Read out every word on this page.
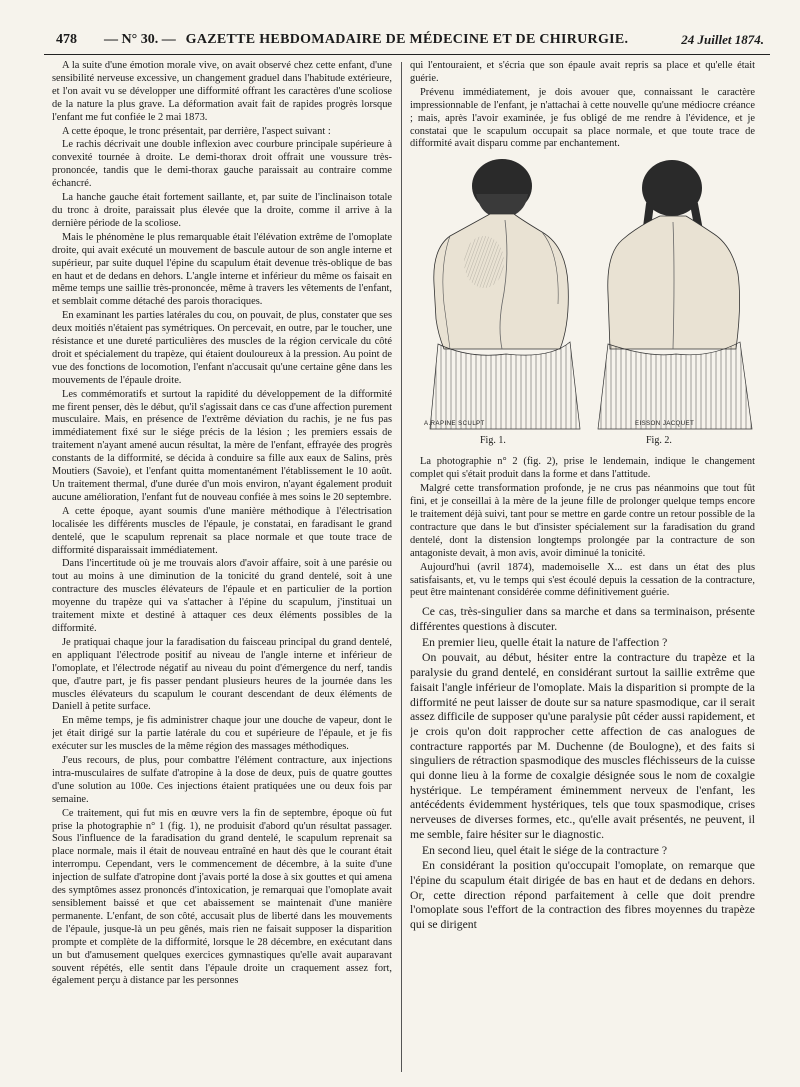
478 — N° 30. — GAZETTE HEBDOMADAIRE DE MÉDECINE ET DE CHIRURGIE.	24 Juillet 1874.

A la suite d'une émotion morale vive, on avait observé chez cette enfant, d'une sensibilité nerveuse excessive, un changement graduel dans l'habitude extérieure, et l'on avait vu se développer une difformité offrant les caractères d'une scoliose de la nature la plus grave. La déformation avait fait de rapides progrès lorsque l'enfant me fut confiée le 2 mai 1873.

A cette époque, le tronc présentait, par derrière, l'aspect suivant :

Le rachis décrivait une double inflexion avec courbure principale supérieure à convexité tournée à droite. Le demi-thorax droit offrait une voussure très-prononcée, tandis que le demi-thorax gauche paraissait au contraire comme échancré.

La hanche gauche était fortement saillante, et, par suite de l'inclinaison totale du tronc à droite, paraissait plus élevée que la droite, comme il arrive à la dernière période de la scoliose.

Mais le phénomène le plus remarquable était l'élévation extrême de l'omoplate droite, qui avait exécuté un mouvement de bascule autour de son angle interne et supérieur, par suite duquel l'épine du scapulum était devenue très-oblique de bas en haut et de dedans en dehors. L'angle interne et inférieur du même os faisait en même temps une saillie très-prononcée, même à travers les vêtements de l'enfant, et semblait comme détaché des parois thoraciques.

En examinant les parties latérales du cou, on pouvait, de plus, constater que ses deux moitiés n'étaient pas symétriques. On percevait, en outre, par le toucher, une résistance et une dureté particulières des muscles de la région cervicale du côté droit et spécialement du trapèze, qui étaient douloureux à la pression. Au point de vue des fonctions de locomotion, l'enfant n'accusait qu'une certaine gêne dans les mouvements de l'épaule droite.

Les commémoratifs et surtout la rapidité du développement de la difformité me firent penser, dès le début, qu'il s'agissait dans ce cas d'une affection purement musculaire. Mais, en présence de l'extrême déviation du rachis, je ne fus pas immédiatement fixé sur le siége précis de la lésion ; les premiers essais de traitement n'ayant amené aucun résultat, la mère de l'enfant, effrayée des progrès constants de la difformité, se décida à conduire sa fille aux eaux de Salins, près Moutiers (Savoie), et l'enfant quitta momentanément l'établissement le 10 août. Un traitement thermal, d'une durée d'un mois environ, n'ayant également produit aucune amélioration, l'enfant fut de nouveau confiée à mes soins le 20 septembre.

A cette époque, ayant soumis d'une manière méthodique à l'électrisation localisée les différents muscles de l'épaule, je constatai, en faradisant le grand dentelé, que le scapulum reprenait sa place normale et que toute trace de difformité disparaissait immédiatement.

Dans l'incertitude où je me trouvais alors d'avoir affaire, soit à une parésie ou tout au moins à une diminution de la tonicité du grand dentelé, soit à une contracture des muscles élévateurs de l'épaule et en particulier de la portion moyenne du trapèze qui va s'attacher à l'épine du scapulum, j'instituai un traitement mixte et destiné à attaquer ces deux éléments possibles de la difformité.

Je pratiquai chaque jour la faradisation du faisceau principal du grand dentelé, en appliquant l'électrode positif au niveau de l'angle interne et inférieur de l'omoplate, et l'électrode négatif au niveau du point d'émergence du nerf, tandis que, d'autre part, je fis passer pendant plusieurs heures de la journée dans les muscles élévateurs du scapulum le courant descendant de deux éléments de Daniell à petite surface.

En même temps, je fis administrer chaque jour une douche de vapeur, dont le jet était dirigé sur la partie latérale du cou et supérieure de l'épaule, et je fis exécuter sur les muscles de la même région des massages méthodiques.

J'eus recours, de plus, pour combattre l'élément contracture, aux injections intra-musculaires de sulfate d'atropine à la dose de deux, puis de quatre gouttes d'une solution au 100e. Ces injections étaient pratiquées une ou deux fois par semaine.

Ce traitement, qui fut mis en œuvre vers la fin de septembre, époque où fut prise la photographie n° 1 (fig. 1), ne produisit d'abord qu'un résultat passager. Sous l'influence de la faradisation du grand dentelé, le scapulum reprenait sa place normale, mais il était de nouveau entraîné en haut dès que le courant était interrompu. Cependant, vers le commencement de décembre, à la suite d'une injection de sulfate d'atropine dont j'avais porté la dose à six gouttes et qui amena des symptômes assez prononcés d'intoxication, je remarquai que l'omoplate avait sensiblement baissé et que cet abaissement se maintenait d'une manière permanente. L'enfant, de son côté, accusait plus de liberté dans les mouvements de l'épaule, jusque-là un peu gênés, mais rien ne faisait supposer la disparition prompte et complète de la difformité, lorsque le 28 décembre, en exécutant dans un but d'amusement quelques exercices gymnastiques qu'elle avait auparavant souvent répétés, elle sentit dans l'épaule droite un craquement assez fort, également perçu à distance par les personnes

qui l'entouraient, et s'écria que son épaule avait repris sa place et qu'elle était guérie.

Prévenu immédiatement, je dois avouer que, connaissant le caractère impressionnable de l'enfant, je n'attachai à cette nouvelle qu'une médiocre créance ; mais, après l'avoir examinée, je fus obligé de me rendre à l'évidence, et je constatai que le scapulum occupait sa place normale, et que toute trace de difformité avait disparu comme par enchantement.

A.RAPINE SCULPT	EISSON JACQUET
Fig. 1.	Fig. 2.

La photographie n° 2 (fig. 2), prise le lendemain, indique le changement complet qui s'était produit dans la forme et dans l'attitude.

Malgré cette transformation profonde, je ne crus pas néanmoins que tout fût fini, et je conseillai à la mère de la jeune fille de prolonger quelque temps encore le traitement déjà suivi, tant pour se mettre en garde contre un retour possible de la contracture que dans le but d'insister spécialement sur la faradisation du grand dentelé, dont la distension longtemps prolongée par la contracture de son antagoniste devait, à mon avis, avoir diminué la tonicité.

Aujourd'hui (avril 1874), mademoiselle X... est dans un état des plus satisfaisants, et, vu le temps qui s'est écoulé depuis la cessation de la contracture, peut être maintenant considérée comme définitivement guérie.

Ce cas, très-singulier dans sa marche et dans sa terminaison, présente différentes questions à discuter.

En premier lieu, quelle était la nature de l'affection ?

On pouvait, au début, hésiter entre la contracture du trapèze et la paralysie du grand dentelé, en considérant surtout la saillie extrême que faisait l'angle inférieur de l'omoplate. Mais la disparition si prompte de la difformité ne peut laisser de doute sur sa nature spasmodique, car il serait assez difficile de supposer qu'une paralysie pût céder aussi rapidement, et je crois qu'on doit rapprocher cette affection de cas analogues de contracture rapportés par M. Duchenne (de Boulogne), et des faits si singuliers de rétraction spasmodique des muscles fléchisseurs de la cuisse qui donne lieu à la forme de coxalgie désignée sous le nom de coxalgie hystérique. Le tempérament éminemment nerveux de l'enfant, les antécédents évidemment hystériques, tels que toux spasmodique, crises nerveuses de diverses formes, etc., qu'elle avait présentés, ne peuvent, il me semble, faire hésiter sur le diagnostic.

En second lieu, quel était le siége de la contracture ?

En considérant la position qu'occupait l'omoplate, on remarque que l'épine du scapulum était dirigée de bas en haut et de dedans en dehors. Or, cette direction répond parfaitement à celle que doit prendre l'omoplate sous l'effort de la contraction des fibres moyennes du trapèze qui se dirigent
